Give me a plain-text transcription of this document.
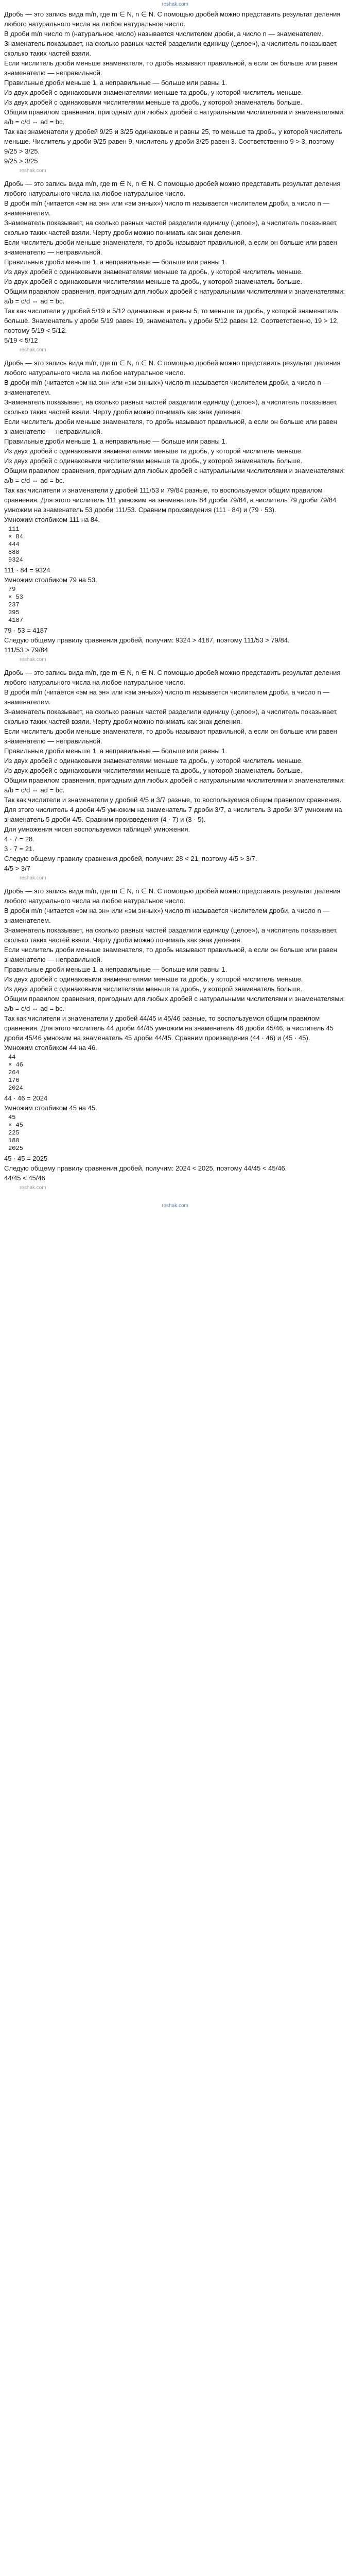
reshak.com

Дробь — это запись вида m/n, где m ∈ N, n ∈ N. С помощью дробей можно представить результат деления любого натурального числа на любое натуральное число.

В дроби m/n число m (натуральное число) называется числителем дроби, а число n — знаменателем.

Знаменатель показывает, на сколько равных частей разделили единицу (целое»), а числитель показывает, сколько таких частей взяли.

Если числитель дроби меньше знаменателя, то дробь называют правильной, а если он больше или равен знаменателю — неправильной.

Правильные дроби меньше 1, а неправильные — больше или равны 1.

Из двух дробей с одинаковыми знаменателями меньше та дробь, у которой числитель меньше.

Из двух дробей с одинаковыми числителями меньше та дробь, у которой знаменатель больше.

Общим правилом сравнения, пригодным для любых дробей с натуральными числителями и знаменателями: a/b = c/d ⇔ ad = bc.

Так как знаменатели у дробей 9/25 и 3/25 одинаковые и равны 25, то меньше та дробь, у которой числитель меньше. Числитель у дроби 9/25 равен 9, числитель у дроби 3/25 равен 3. Соответственно 9 > 3, поэтому 9/25 > 3/25.

9/25 > 3/25

reshak.com

Дробь — это запись вида m/n, где m ∈ N, n ∈ N. С помощью дробей можно представить результат деления любого натурального числа на любое натуральное число.

В дроби m/n (читается «эм на эн» или «эм энных») число m называется числителем дроби, а число n — знаменателем.

Знаменатель показывает, на сколько равных частей разделили единицу (целое»), а числитель показывает, сколько таких частей взяли. Черту дроби можно понимать как знак деления.

Если числитель дроби меньше знаменателя, то дробь называют правильной, а если он больше или равен знаменателю — неправильной.

Правильные дроби меньше 1, а неправильные — больше или равны 1.

Из двух дробей с одинаковыми знаменателями меньше та дробь, у которой числитель меньше.

Из двух дробей с одинаковыми числителями меньше та дробь, у которой знаменатель больше.

Общим правилом сравнения, пригодным для любых дробей с натуральными числителями и знаменателями: a/b = c/d ⇔ ad = bc.

Так как числители у дробей 5/19 и 5/12 одинаковые и равны 5, то меньше та дробь, у которой знаменатель больше. Знаменатель у дроби 5/19 равен 19, знаменатель у дроби 5/12 равен 12. Соответственно, 19 > 12, поэтому 5/19 < 5/12.

5/19 < 5/12

reshak.com

Дробь — это запись вида m/n, где m ∈ N, n ∈ N. С помощью дробей можно представить результат деления любого натурального числа на любое натуральное число.

В дроби m/n (читается «эм на эн» или «эм энных») число m называется числителем дроби, а число n — знаменателем.

Знаменатель показывает, на сколько равных частей разделили единицу (целое»), а числитель показывает, сколько таких частей взяли. Черту дроби можно понимать как знак деления.

Если числитель дроби меньше знаменателя, то дробь называют правильной, а если он больше или равен знаменателю — неправильной.

Правильные дроби меньше 1, а неправильные — больше или равны 1.

Из двух дробей с одинаковыми знаменателями меньше та дробь, у которой числитель меньше.

Из двух дробей с одинаковыми числителями меньше та дробь, у которой знаменатель больше.

Общим правилом сравнения, пригодным для любых дробей с натуральными числителями и знаменателями: a/b = c/d ⇔ ad = bc.

Так как числители и знаменатели у дробей 111/53 и 79/84 разные, то воспользуемся общим правилом сравнения. Для этого числитель 111 умножим на знаменатель 84 дроби 79/84, а числитель 79 дроби 79/84 умножим на знаменатель 53 дроби 111/53. Сравним произведения (111 · 84) и (79 · 53).

Умножим столбиком 111 на 84.

111
× 84
444
888
9324

111 · 84 = 9324

Умножим столбиком 79 на 53.

79
× 53
237
395
4187

79 · 53 = 4187

Следую общему правилу сравнения дробей, получим: 9324 > 4187, поэтому 111/53 > 79/84.

111/53 > 79/84

reshak.com

Дробь — это запись вида m/n, где m ∈ N, n ∈ N. С помощью дробей можно представить результат деления любого натурального числа на любое натуральное число.

В дроби m/n (читается «эм на эн» или «эм энных») число m называется числителем дроби, а число n — знаменателем.

Знаменатель показывает, на сколько равных частей разделили единицу (целое»), а числитель показывает, сколько таких частей взяли. Черту дроби можно понимать как знак деления.

Если числитель дроби меньше знаменателя, то дробь называют правильной, а если он больше или равен знаменателю — неправильной.

Правильные дроби меньше 1, а неправильные — больше или равны 1.

Из двух дробей с одинаковыми знаменателями меньше та дробь, у которой числитель меньше.

Из двух дробей с одинаковыми числителями меньше та дробь, у которой знаменатель больше.

Общим правилом сравнения, пригодным для любых дробей с натуральными числителями и знаменателями: a/b = c/d ⇔ ad = bc.

Так как числители и знаменатели у дробей 4/5 и 3/7 разные, то воспользуемся общим правилом сравнения. Для этого числитель 4 дроби 4/5 умножим на знаменатель 7 дроби 3/7, а числитель 3 дроби 3/7 умножим на знаменатель 5 дроби 4/5. Сравним произведения (4 · 7) и (3 · 5).

Для умножения чисел воспользуемся таблицей умножения.

4 · 7 = 28.

3 · 7 = 21.

Следую общему правилу сравнения дробей, получим: 28 < 21, поэтому 4/5 > 3/7.

4/5 > 3/7

reshak.com

Дробь — это запись вида m/n, где m ∈ N, n ∈ N. С помощью дробей можно представить результат деления любого натурального числа на любое натуральное число.

В дроби m/n (читается «эм на эн» или «эм энных») число m называется числителем дроби, а число n — знаменателем.

Знаменатель показывает, на сколько равных частей разделили единицу (целое»), а числитель показывает, сколько таких частей взяли. Черту дроби можно понимать как знак деления.

Если числитель дроби меньше знаменателя, то дробь называют правильной, а если он больше или равен знаменателю — неправильной.

Правильные дроби меньше 1, а неправильные — больше или равны 1.

Из двух дробей с одинаковыми знаменателями меньше та дробь, у которой числитель меньше.

Из двух дробей с одинаковыми числителями меньше та дробь, у которой знаменатель больше.

Общим правилом сравнения, пригодным для любых дробей с натуральными числителями и знаменателями: a/b = c/d ⇔ ad = bc.

Так как числители и знаменатели у дробей 44/45 и 45/46 разные, то воспользуемся общим правилом сравнения. Для этого числитель 44 дроби 44/45 умножим на знаменатель 46 дроби 45/46, а числитель 45 дроби 45/46 умножим на знаменатель 45 дроби 44/45. Сравним произведения (44 · 46) и (45 · 45).

Умножим столбиком 44 на 46.

44
× 46
264
176
2024

44 · 46 = 2024

Умножим столбиком 45 на 45.

45
× 45
225
180
2025

45 · 45 = 2025

Следую общему правилу сравнения дробей, получим: 2024 < 2025, поэтому 44/45 < 45/46.

44/45 < 45/46

reshak.com
reshak.com
